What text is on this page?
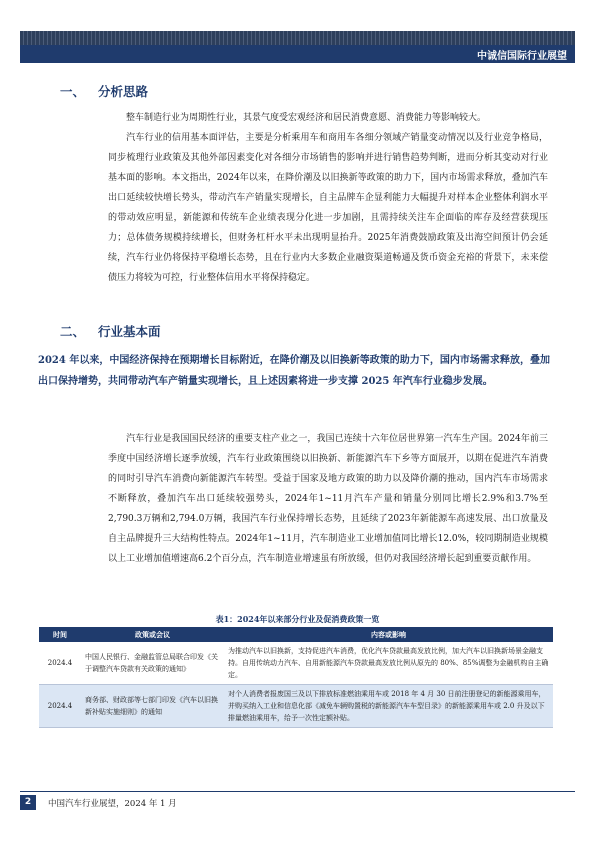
中诚信国际行业展望
一、 分析思路

整车制造行业为周期性行业，其景气度受宏观经济和居民消费意愿、消费能力等影响较大。

汽车行业的信用基本面评估，主要是分析乘用车和商用车各细分领域产销量变动情况以及行业竞争格局，同步梳理行业政策及其他外部因素变化对各细分市场销售的影响并进行销售趋势判断，进而分析其变动对行业基本面的影响。本文指出，2024年以来，在降价潮及以旧换新等政策的助力下，国内市场需求释放，叠加汽车出口延续较快增长势头，带动汽车产销量实现增长，自主品牌车企显利能力大幅提升对样本企业整体利润水平的带动效应明显，新能源和传统车企业绩表现分化进一步加剧，且需持续关注车企面临的库存及经营获现压力；总体债务规模持续增长，但财务杠杆水平未出现明显抬升。2025年消费鼓励政策及出海空间预计仍会延续，汽车行业仍将保持平稳增长态势，且在行业内大多数企业融资渠道畅通及货币资金充裕的背景下，未来偿债压力将较为可控，行业整体信用水平将保持稳定。

二、 行业基本面

2024 年以来，中国经济保持在预期增长目标附近，在降价潮及以旧换新等政策的助力下，国内市场需求释放，叠加出口保持增势，共同带动汽车产销量实现增长，且上述因素将进一步支撑 2025 年汽车行业稳步发展。

汽车行业是我国国民经济的重要支柱产业之一，我国已连续十六年位居世界第一汽车生产国。2024年前三季度中国经济增长逐季放缓，汽车行业政策围绕以旧换新、新能源汽车下乡等方面展开，以期在促进汽车消费的同时引导汽车消费向新能源汽车转型。受益于国家及地方政策的助力以及降价潮的推动，国内汽车市场需求不断释放，叠加汽车出口延续较强势头，2024年1~11月汽车产量和销量分别同比增长2.9%和3.7%至2,790.3万辆和2,794.0万辆，我国汽车行业保持增长态势，且延续了2023年新能源车高速发展、出口放量及自主品牌提升三大结构性特点。2024年1~11月，汽车制造业工业增加值同比增长12.0%，较同期制造业规模以上工业增加值增速高6.2个百分点，汽车制造业增速虽有所放缓，但仍对我国经济增长起到重要贡献作用。

表1：2024年以来部分行业及促消费政策一览
时间	政策或会议	内容或影响
2024.4	中国人民银行、金融监管总局联合印发《关于调整汽车贷款有关政策的通知》	为推动汽车以旧换新，支持促进汽车消费，优化汽车贷款最高发放比例，加大汽车以旧换新场景金融支持。自用传统动力汽车、自用新能源汽车贷款最高发放比例从原先的 80%、85%调整为金融机构自主确定。
2024.4	商务部、财政部等七部门印发《汽车以旧换新补贴实施细则》的通知	对个人消费者报废国三及以下排放标准燃油乘用车或 2018 年 4 月 30 日前注册登记的新能源乘用车，并购买纳入工业和信息化部《减免车辆购置税的新能源汽车车型目录》的新能源乘用车或 2.0 升及以下排量燃油乘用车，给予一次性定额补贴。
2	中国汽车行业展望，2024 年 1 月
